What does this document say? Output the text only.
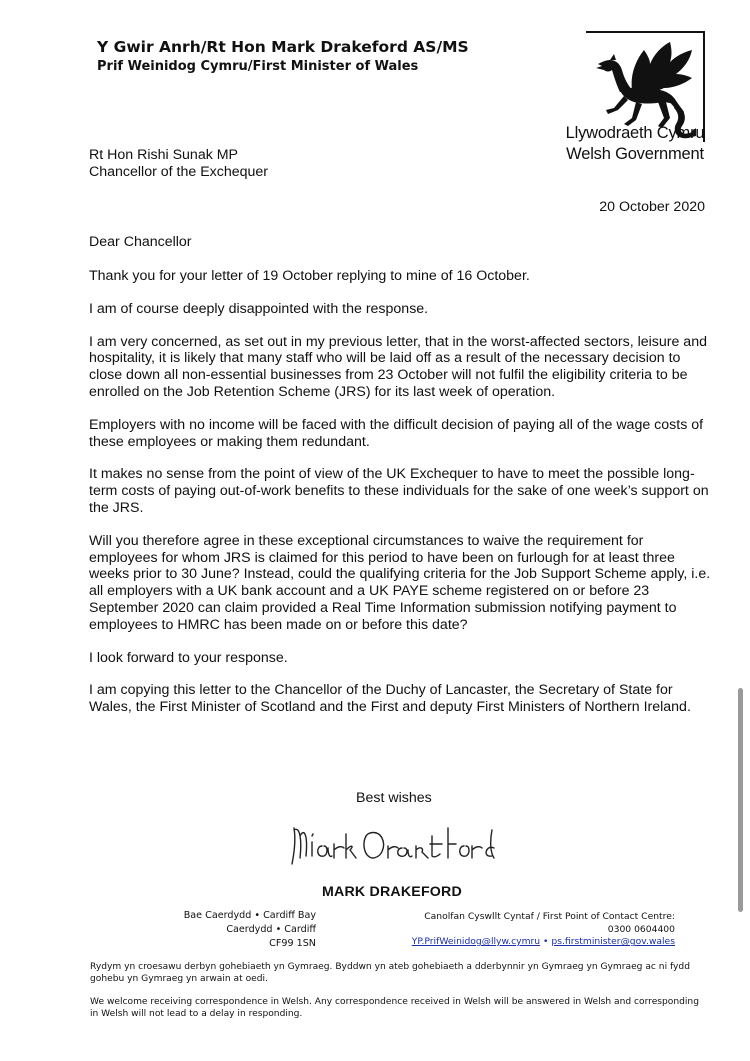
Y Gwir Anrh/Rt Hon Mark Drakeford AS/MS
Prif Weinidog Cymru/First Minister of Wales
Llywodraeth Cymru
Welsh Government
Rt Hon Rishi Sunak MP
Chancellor of the Exchequer
20 October 2020
Dear Chancellor

Thank you for your letter of 19 October replying to mine of 16 October.

I am of course deeply disappointed with the response.

I am very concerned, as set out in my previous letter, that in the worst-affected sectors, leisure and hospitality, it is likely that many staff who will be laid off as a result of the necessary decision to close down all non-essential businesses from 23 October will not fulfil the eligibility criteria to be enrolled on the Job Retention Scheme (JRS) for its last week of operation.

Employers with no income will be faced with the difficult decision of paying all of the wage costs of these employees or making them redundant.

It makes no sense from the point of view of the UK Exchequer to have to meet the possible long-term costs of paying out-of-work benefits to these individuals for the sake of one week’s support on the JRS.

Will you therefore agree in these exceptional circumstances to waive the requirement for employees for whom JRS is claimed for this period to have been on furlough for at least three weeks prior to 30 June? Instead, could the qualifying criteria for the Job Support Scheme apply, i.e. all employers with a UK bank account and a UK PAYE scheme registered on or before 23 September 2020 can claim provided a Real Time Information submission notifying payment to employees to HMRC has been made on or before this date?

I look forward to your response.

I am copying this letter to the Chancellor of the Duchy of Lancaster, the Secretary of State for Wales, the First Minister of Scotland and the First and deputy First Ministers of Northern Ireland.

Best wishes
MARK DRAKEFORD
Bae Caerdydd • Cardiff Bay
Caerdydd • Cardiff
CF99 1SN
Canolfan Cyswllt Cyntaf / First Point of Contact Centre:
0300 0604400
YP.PrifWeinidog@llyw.cymru • ps.firstminister@gov.wales
Rydym yn croesawu derbyn gohebiaeth yn Gymraeg. Byddwn yn ateb gohebiaeth a dderbynnir yn Gymraeg yn Gymraeg ac ni fydd gohebu yn Gymraeg yn arwain at oedi.
We welcome receiving correspondence in Welsh. Any correspondence received in Welsh will be answered in Welsh and corresponding in Welsh will not lead to a delay in responding.
